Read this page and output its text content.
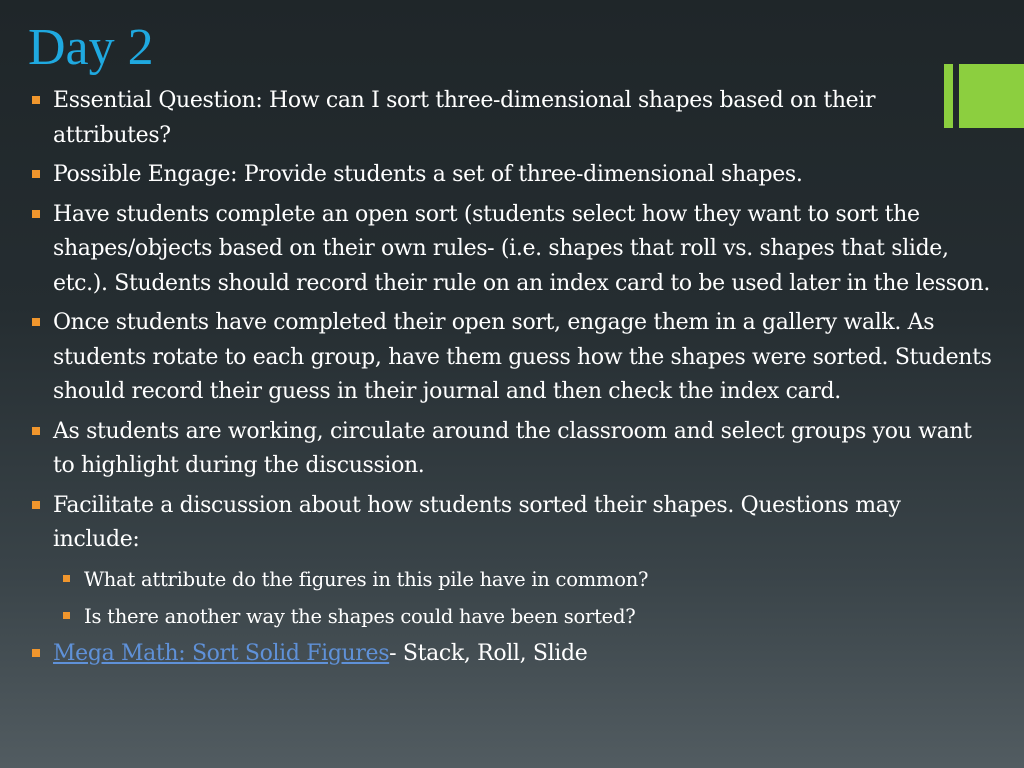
Day 2
Essential Question: How can I sort three-dimensional shapes based on their attributes?
Possible Engage: Provide students a set of three-dimensional shapes.
Have students complete an open sort (students select how they want to sort the shapes/objects based on their own rules- (i.e. shapes that roll vs. shapes that slide, etc.). Students should record their rule on an index card to be used later in the lesson.
Once students have completed their open sort, engage them in a gallery walk. As students rotate to each group, have them guess how the shapes were sorted. Students should record their guess in their journal and then check the index card.
As students are working, circulate around the classroom and select groups you want to highlight during the discussion.
Facilitate a discussion about how students sorted their shapes. Questions may include:
What attribute do the figures in this pile have in common?
Is there another way the shapes could have been sorted?
Mega Math: Sort Solid Figures- Stack, Roll, Slide
